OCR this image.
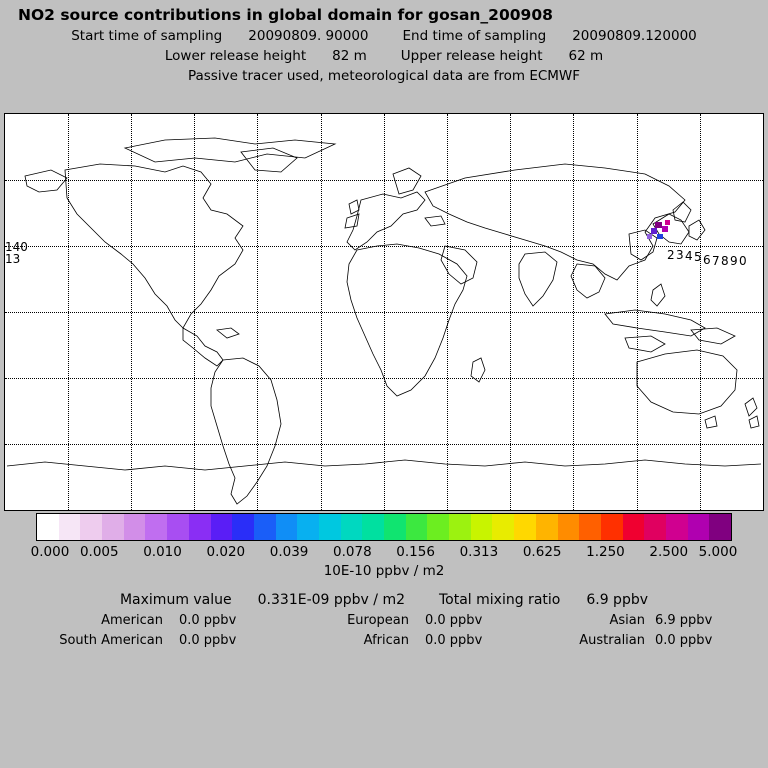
NO2 source contributions in global domain for gosan_200908
Start time of sampling
20090809. 90000
	End time of sampling
20090809.120000
Lower release height
82 m
	Upper release height
62 m
Passive tracer used, meteorological data are from ECMWF
140
13	2 3 4 5 6 7 8 9 0
0.000 0.005 0.010 0.020 0.039 0.078 0.156 0.313 0.625 1.250 2.500 5.000
10E-10 ppbv / m2
Maximum value
0.331E-09 ppbv / m2
Total mixing ratio
6.9 ppbv
American	0.0 ppbv	European	0.0 ppbv	Asian 6.9 ppbv
South American	0.0 ppbv	African	0.0 ppbv	Australian 0.0 ppbv
